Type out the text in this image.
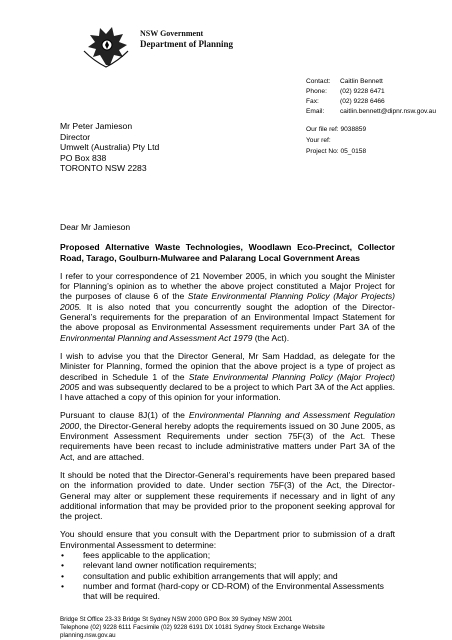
NSW Government
Department of Planning
Contact:	Caitlin Bennett
Phone:	(02) 9228 6471
Fax:	(02) 9228 6466
Email:	caitlin.bennett@dipnr.nsw.gov.au
Mr Peter Jamieson
Director
Umwelt (Australia) Pty Ltd
PO Box 838
TORONTO NSW 2283
Our file ref: 9038859
Your ref:
Project No: 05_0158

Dear Mr Jamieson

Proposed Alternative Waste Technologies, Woodlawn Eco-Precinct, Collector Road, Tarago, Goulburn-Mulwaree and Palarang Local Government Areas

I refer to your correspondence of 21 November 2005, in which you sought the Minister for Planning’s opinion as to whether the above project constituted a Major Project for the purposes of clause 6 of the State Environmental Planning Policy (Major Projects) 2005. It is also noted that you concurrently sought the adoption of the Director-General’s requirements for the preparation of an Environmental Impact Statement for the above proposal as Environmental Assessment requirements under Part 3A of the Environmental Planning and Assessment Act 1979 (the Act).

I wish to advise you that the Director General, Mr Sam Haddad, as delegate for the Minister for Planning, formed the opinion that the above project is a type of project as described in Schedule 1 of the State Environmental Planning Policy (Major Project) 2005 and was subsequently declared to be a project to which Part 3A of the Act applies. I have attached a copy of this opinion for your information.

Pursuant to clause 8J(1) of the Environmental Planning and Assessment Regulation 2000, the Director-General hereby adopts the requirements issued on 30 June 2005, as Environment Assessment Requirements under section 75F(3) of the Act. These requirements have been recast to include administrative matters under Part 3A of the Act, and are attached.

It should be noted that the Director-General’s requirements have been prepared based on the information provided to date. Under section 75F(3) of the Act, the Director-General may alter or supplement these requirements if necessary and in light of any additional information that may be provided prior to the proponent seeking approval for the project.

You should ensure that you consult with the Department prior to submission of a draft Environmental Assessment to determine:

• fees applicable to the application;
• relevant land owner notification requirements;
• consultation and public exhibition arrangements that will apply; and
• number and format (hard-copy or CD-ROM) of the Environmental Assessments that will be required.
Bridge St Office 23-33 Bridge St Sydney NSW 2000 GPO Box 39 Sydney NSW 2001
Telephone (02) 9228 6111 Facsimile (02) 9228 6191 DX 10181 Sydney Stock Exchange Website
planning.nsw.gov.au
